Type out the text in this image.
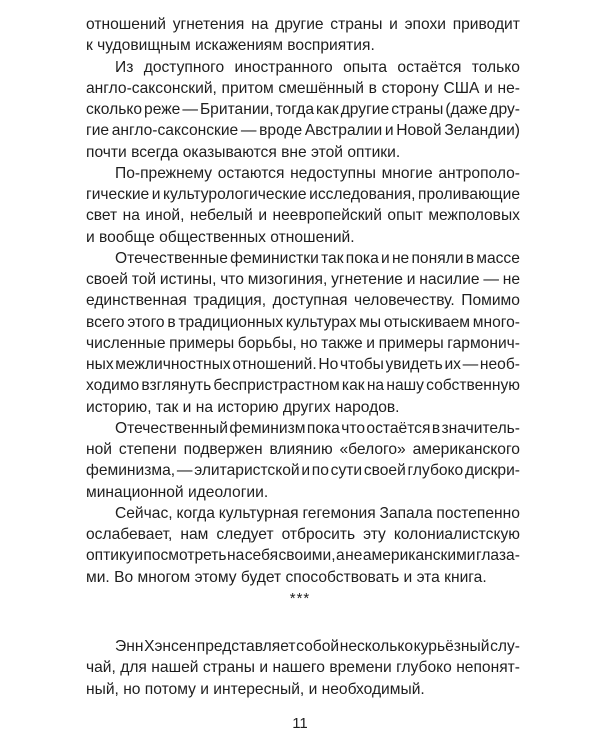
отношений угнетения на другие страны и эпохи приводит
к чудовищным искажениям восприятия.
Из доступного иностранного опыта остаётся только
англо-саксонский, притом смешённый в сторону США и не-
сколько реже — Британии, тогда как другие страны (даже дру-
гие англо-саксонские — вроде Австралии и Новой Зеландии)
почти всегда оказываются вне этой оптики.
По-прежнему остаются недоступны многие антрополо-
гические и культурологические исследования, проливающие
свет на иной, небелый и неевропейский опыт межполовых
и вообще общественных отношений.
Отечественные феминистки так пока и не поняли в массе
своей той истины, что мизогиния, угнетение и насилие — не
единственная традиция, доступная человечеству. Помимо
всего этого в традиционных культурах мы отыскиваем много-
численные примеры борьбы, но также и примеры гармонич-
ных межличностных отношений. Но чтобы увидеть их — необ-
ходимо взглянуть беспристрастном как на нашу собственную
историю, так и на историю других народов.
Отечественный феминизм пока что остаётся в значитель-
ной степени подвержен влиянию «белого» американского
феминизма, — элитаристской и по сути своей глубоко дискри-
минационной идеологии.
Сейчас, когда культурная гегемония Запала постепенно
ослабевает, нам следует отбросить эту колониалистскую
оптику и посмотреть на себя своими, а не американскими глаза-
ми. Во многом этому будет способствовать и эта книга.
***
Энн Хэнсен представляет собой несколько курьёзный слу-
чай, для нашей страны и нашего времени глубоко непонят-
ный, но потому и интересный, и необходимый.
11
